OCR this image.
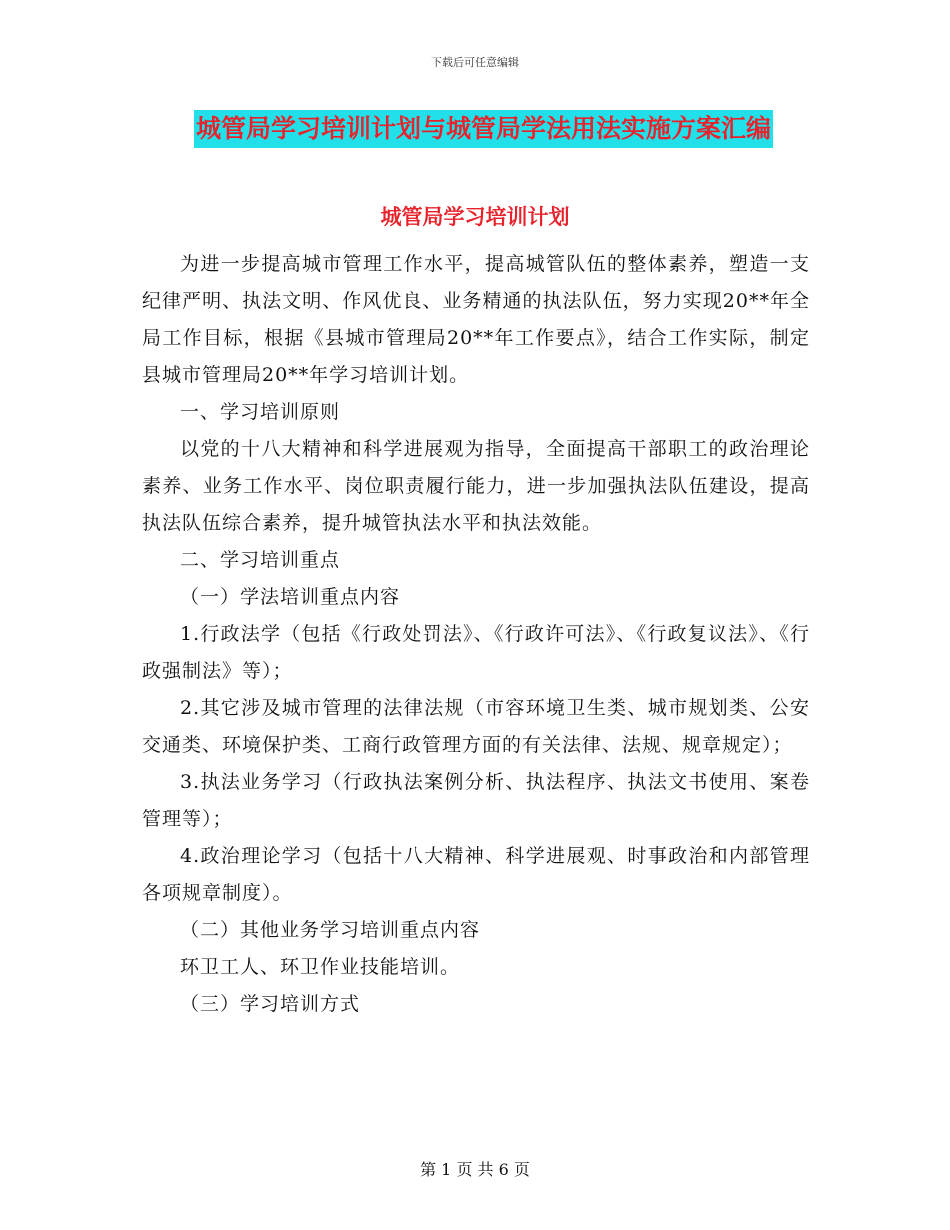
下载后可任意编辑
城管局学习培训计划与城管局学法用法实施方案汇编
城管局学习培训计划

为进一步提高城市管理工作水平，提高城管队伍的整体素养，塑造一支纪律严明、执法文明、作风优良、业务精通的执法队伍，努力实现20**年全局工作目标，根据《县城市管理局20**年工作要点》，结合工作实际，制定县城市管理局20**年学习培训计划。

一、学习培训原则

以党的十八大精神和科学进展观为指导，全面提高干部职工的政治理论素养、业务工作水平、岗位职责履行能力，进一步加强执法队伍建设，提高执法队伍综合素养，提升城管执法水平和执法效能。

二、学习培训重点

（一）学法培训重点内容

1.行政法学（包括《行政处罚法》、《行政许可法》、《行政复议法》、《行政强制法》等）；

2.其它涉及城市管理的法律法规（市容环境卫生类、城市规划类、公安交通类、环境保护类、工商行政管理方面的有关法律、法规、规章规定）；

3.执法业务学习（行政执法案例分析、执法程序、执法文书使用、案卷管理等）；

4.政治理论学习（包括十八大精神、科学进展观、时事政治和内部管理各项规章制度）。

（二）其他业务学习培训重点内容

环卫工人、环卫作业技能培训。

（三）学习培训方式

第 1 页 共 6 页
